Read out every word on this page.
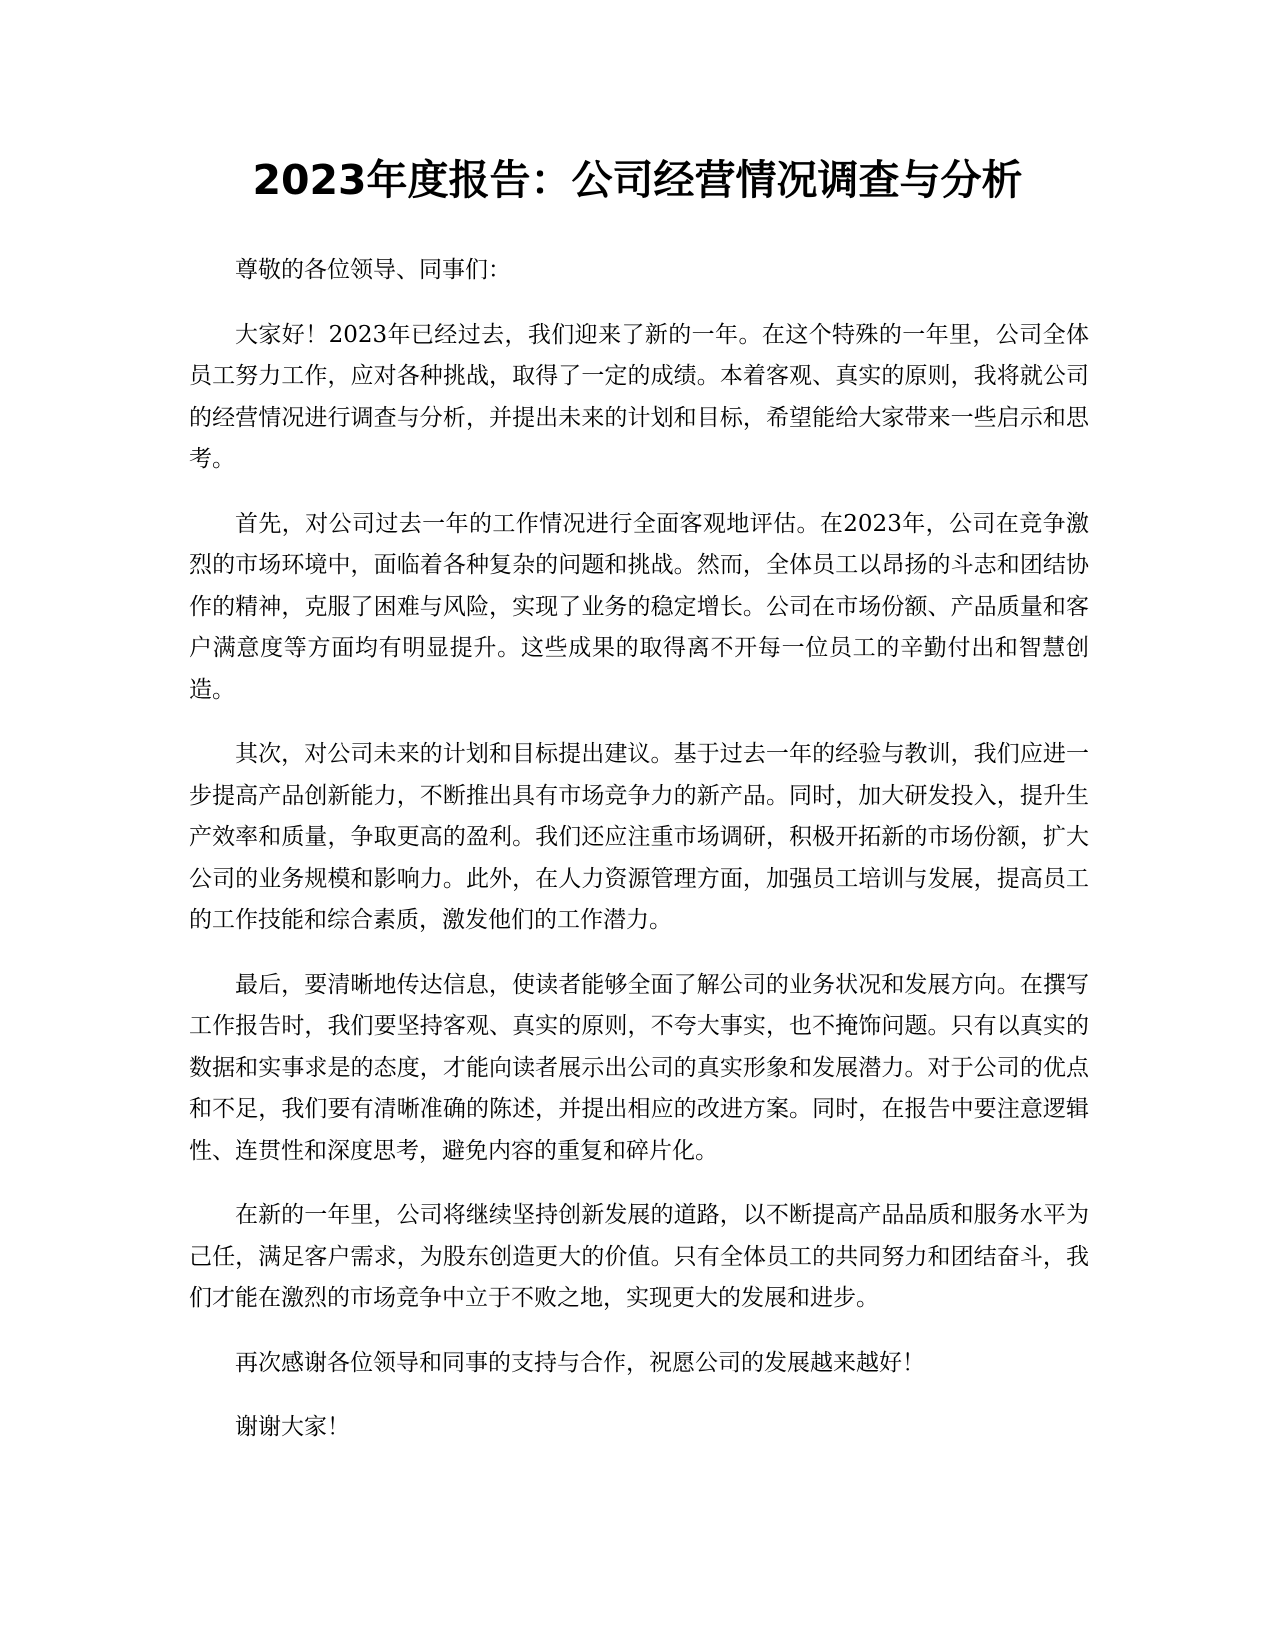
2023年度报告：公司经营情况调查与分析

尊敬的各位领导、同事们：

大家好！2023年已经过去，我们迎来了新的一年。在这个特殊的一年里，公司全体员工努力工作，应对各种挑战，取得了一定的成绩。本着客观、真实的原则，我将就公司的经营情况进行调查与分析，并提出未来的计划和目标，希望能给大家带来一些启示和思考。

首先，对公司过去一年的工作情况进行全面客观地评估。在2023年，公司在竞争激烈的市场环境中，面临着各种复杂的问题和挑战。然而，全体员工以昂扬的斗志和团结协作的精神，克服了困难与风险，实现了业务的稳定增长。公司在市场份额、产品质量和客户满意度等方面均有明显提升。这些成果的取得离不开每一位员工的辛勤付出和智慧创造。

其次，对公司未来的计划和目标提出建议。基于过去一年的经验与教训，我们应进一步提高产品创新能力，不断推出具有市场竞争力的新产品。同时，加大研发投入，提升生产效率和质量，争取更高的盈利。我们还应注重市场调研，积极开拓新的市场份额，扩大公司的业务规模和影响力。此外，在人力资源管理方面，加强员工培训与发展，提高员工的工作技能和综合素质，激发他们的工作潜力。

最后，要清晰地传达信息，使读者能够全面了解公司的业务状况和发展方向。在撰写工作报告时，我们要坚持客观、真实的原则，不夸大事实，也不掩饰问题。只有以真实的数据和实事求是的态度，才能向读者展示出公司的真实形象和发展潜力。对于公司的优点和不足，我们要有清晰准确的陈述，并提出相应的改进方案。同时，在报告中要注意逻辑性、连贯性和深度思考，避免内容的重复和碎片化。

在新的一年里，公司将继续坚持创新发展的道路，以不断提高产品品质和服务水平为己任，满足客户需求，为股东创造更大的价值。只有全体员工的共同努力和团结奋斗，我们才能在激烈的市场竞争中立于不败之地，实现更大的发展和进步。

再次感谢各位领导和同事的支持与合作，祝愿公司的发展越来越好！

谢谢大家！
